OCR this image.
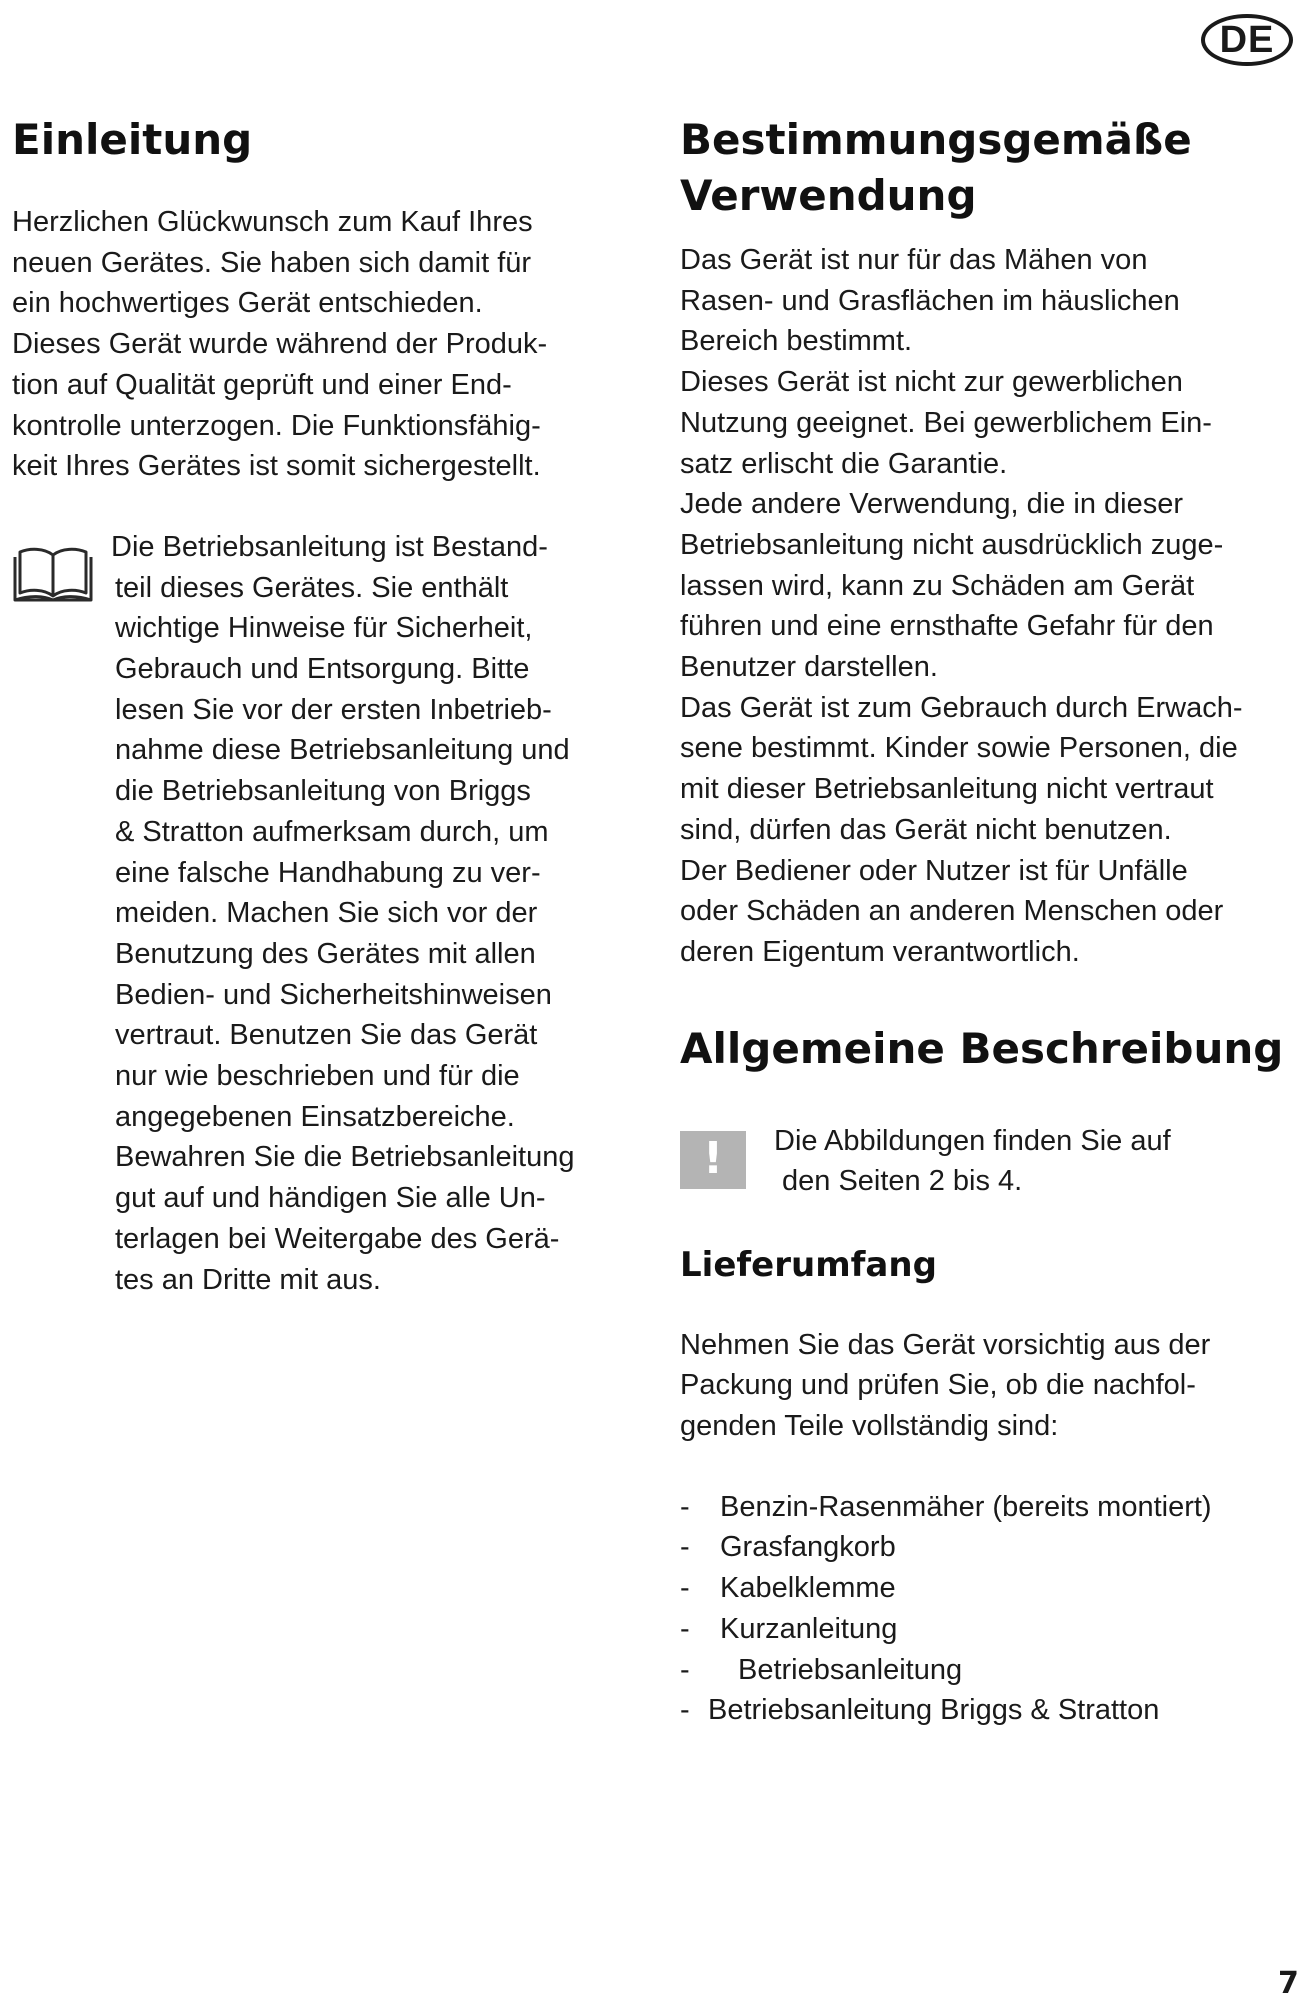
DE
Einleitung
Herzlichen Glückwunsch zum Kauf Ihres
neuen Gerätes. Sie haben sich damit für
ein hochwertiges Gerät entschieden.
Dieses Gerät wurde während der Produk-
tion auf Qualität geprüft und einer End-
kontrolle unterzogen. Die Funktionsfähig-
keit Ihres Gerätes ist somit sichergestellt.
Die Betriebsanleitung ist Bestand-
teil dieses Gerätes. Sie enthält
wichtige Hinweise für Sicherheit,
Gebrauch und Entsorgung. Bitte
lesen Sie vor der ersten Inbetrieb-
nahme diese Betriebsanleitung und
die Betriebsanleitung von Briggs
& Stratton aufmerksam durch, um
eine falsche Handhabung zu ver-
meiden. Machen Sie sich vor der
Benutzung des Gerätes mit allen
Bedien- und Sicherheitshinweisen
vertraut. Benutzen Sie das Gerät
nur wie beschrieben und für die
angegebenen Einsatzbereiche.
Bewahren Sie die Betriebsanleitung
gut auf und händigen Sie alle Un-
terlagen bei Weitergabe des Gerä-
tes an Dritte mit aus.
Bestimmungsgemäße
Verwendung
Das Gerät ist nur für das Mähen von
Rasen- und Grasflächen im häuslichen
Bereich bestimmt.
Dieses Gerät ist nicht zur gewerblichen
Nutzung geeignet. Bei gewerblichem Ein-
satz erlischt die Garantie.
Jede andere Verwendung, die in dieser
Betriebsanleitung nicht ausdrücklich zuge-
lassen wird, kann zu Schäden am Gerät
führen und eine ernsthafte Gefahr für den
Benutzer darstellen.
Das Gerät ist zum Gebrauch durch Erwach-
sene bestimmt. Kinder sowie Personen, die
mit dieser Betriebsanleitung nicht vertraut
sind, dürfen das Gerät nicht benutzen.
Der Bediener oder Nutzer ist für Unfälle
oder Schäden an anderen Menschen oder
deren Eigentum verantwortlich.
Allgemeine Beschreibung
!	Die Abbildungen finden Sie auf
den Seiten 2 bis 4.
Lieferumfang
Nehmen Sie das Gerät vorsichtig aus der
Packung und prüfen Sie, ob die nachfol-
genden Teile vollständig sind:
- Benzin-Rasenmäher (bereits montiert)
- Grasfangkorb
- Kabelklemme
- Kurzanleitung
- Betriebsanleitung
- Betriebsanleitung Briggs & Stratton
7
